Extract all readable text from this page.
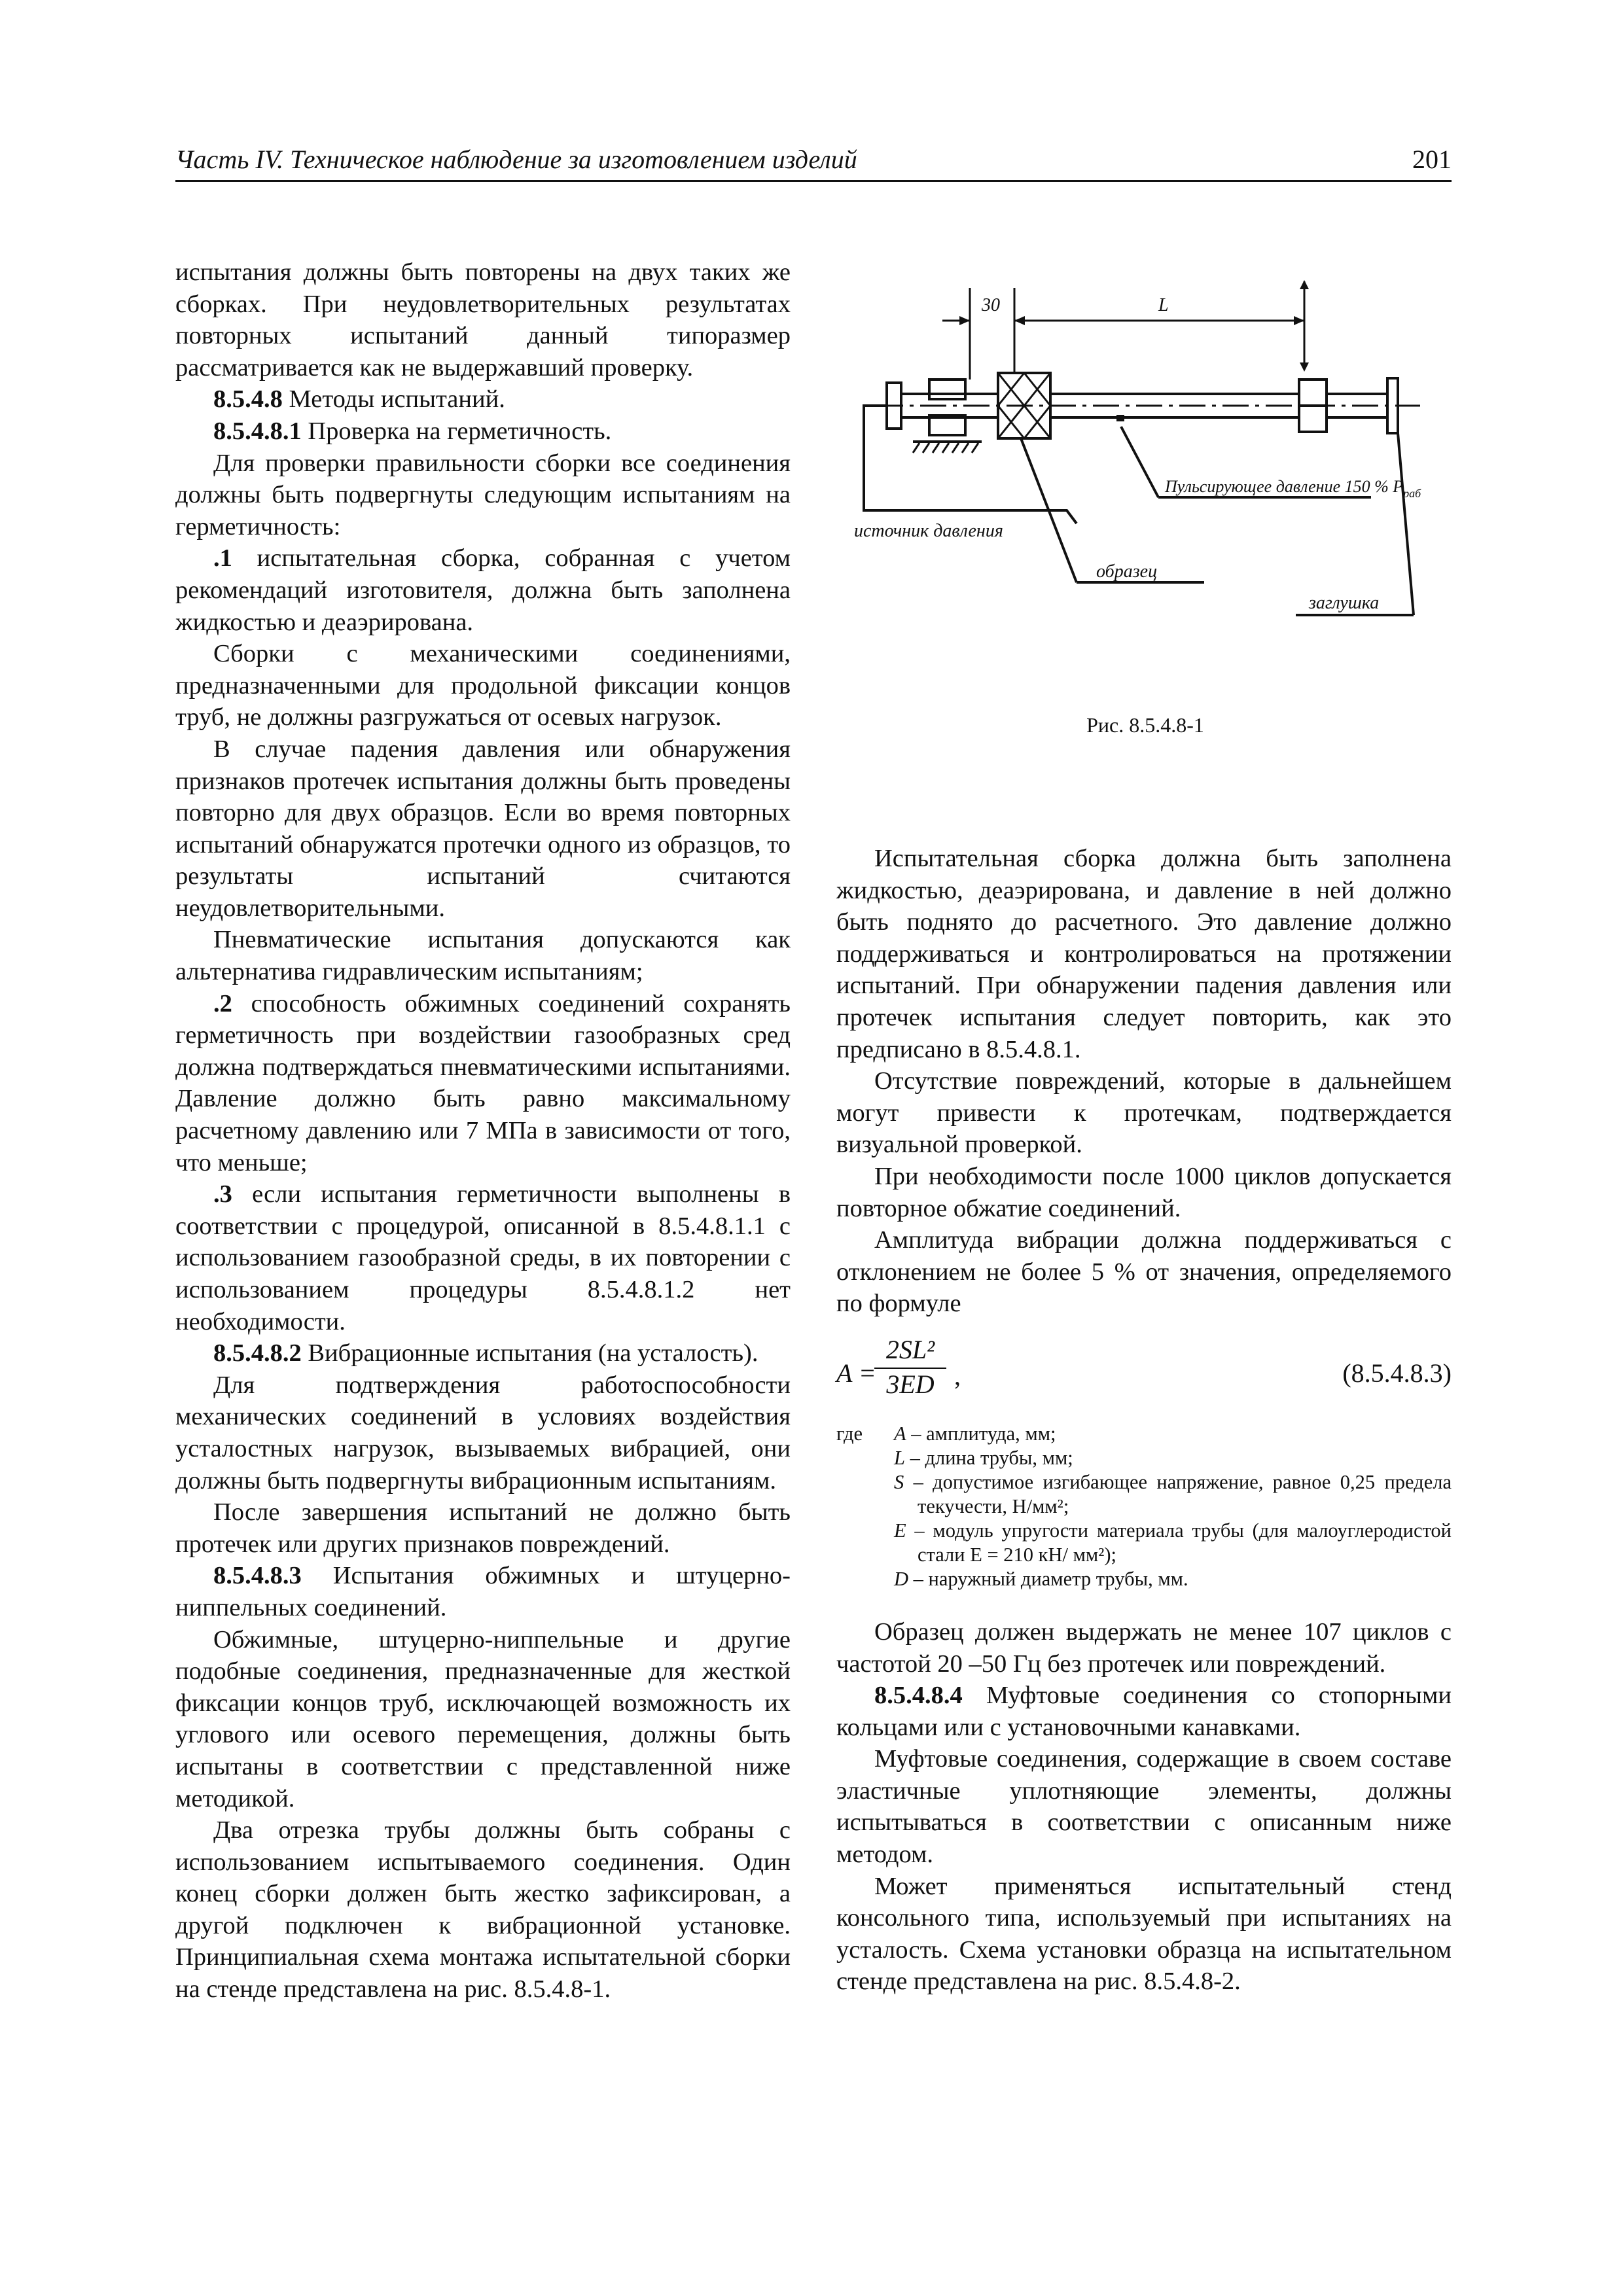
Часть IV. Техническое наблюдение за изготовлением изделий	201

испытания должны быть повторены на двух таких же сборках. При неудовлетворительных результатах повторных испытаний данный типоразмер рассматривается как не выдержавший проверку.

8.5.4.8 Методы испытаний.

8.5.4.8.1 Проверка на герметичность.

Для проверки правильности сборки все соединения должны быть подвергнуты следующим испытаниям на герметичность:

.1 испытательная сборка, собранная с учетом рекомендаций изготовителя, должна быть заполнена жидкостью и деаэрирована.

Сборки с механическими соединениями, предназначенными для продольной фиксации концов труб, не должны разгружаться от осевых нагрузок.

В случае падения давления или обнаружения признаков протечек испытания должны быть проведены повторно для двух образцов. Если во время повторных испытаний обнаружатся протечки одного из образцов, то результаты испытаний считаются неудовлетворительными.

Пневматические испытания допускаются как альтернатива гидравлическим испытаниям;

.2 способность обжимных соединений сохранять герметичность при воздействии газообразных сред должна подтверждаться пневматическими испытаниями. Давление должно быть равно максимальному расчетному давлению или 7 МПа в зависимости от того, что меньше;

.3 если испытания герметичности выполнены в соответствии с процедурой, описанной в 8.5.4.8.1.1 с использованием газообразной среды, в их повторении с использованием процедуры 8.5.4.8.1.2 нет необходимости.

8.5.4.8.2 Вибрационные испытания (на усталость).

Для подтверждения работоспособности механических соединений в условиях воздействия усталостных нагрузок, вызываемых вибрацией, они должны быть подвергнуты вибрационным испытаниям.

После завершения испытаний не должно быть протечек или других признаков повреждений.

8.5.4.8.3 Испытания обжимных и штуцерно-ниппельных соединений.

Обжимные, штуцерно-ниппельные и другие подобные соединения, предназначенные для жесткой фиксации концов труб, исключающей возможность их углового или осевого перемещения, должны быть испытаны в соответствии с представленной ниже методикой.

Два отрезка трубы должны быть собраны с использованием испытываемого соединения. Один конец сборки должен быть жестко зафиксирован, а другой подключен к вибрационной установке. Принципиальная схема монтажа испытательной сборки на стенде представлена на рис. 8.5.4.8-1.

30	L
Пульсирующее давление 150 % $P_{раб}$
источник давления
образец
заглушка
Рис. 8.5.4.8-1

Испытательная сборка должна быть заполнена жидкостью, деаэрирована, и давление в ней должно быть поднято до расчетного. Это давление должно поддерживаться и контролироваться на протяжении испытаний. При обнаружении падения давления или протечек испытания следует повторить, как это предписано в 8.5.4.8.1.

Отсутствие повреждений, которые в дальнейшем могут привести к протечкам, подтверждается визуальной проверкой.

При необходимости после 1000 циклов допускается повторное обжатие соединений.

Амплитуда вибрации должна поддерживаться с отклонением не более 5 % от значения, определяемого по формуле

A =
$\frac{\text{2SL²}}{3ED}$ ,	(8.5.4.8.3)
где	A – амплитуда, мм;
L – длина трубы, мм;
S – допустимое изгибающее напряжение, равное 0,25 предела текучести, Н/мм²;
E – модуль упругости материала трубы (для малоуглеродистой стали E = 210 кН/ мм²);
D – наружный диаметр трубы, мм.

Образец должен выдержать не менее 107 циклов с частотой 20 –50 Гц без протечек или повреждений.

8.5.4.8.4 Муфтовые соединения со стопорными кольцами или с установочными канавками.

Муфтовые соединения, содержащие в своем составе эластичные уплотняющие элементы, должны испытываться в соответствии с описанным ниже методом.

Может применяться испытательный стенд консольного типа, используемый при испытаниях на усталость. Схема установки образца на испытательном стенде представлена на рис. 8.5.4.8-2.
